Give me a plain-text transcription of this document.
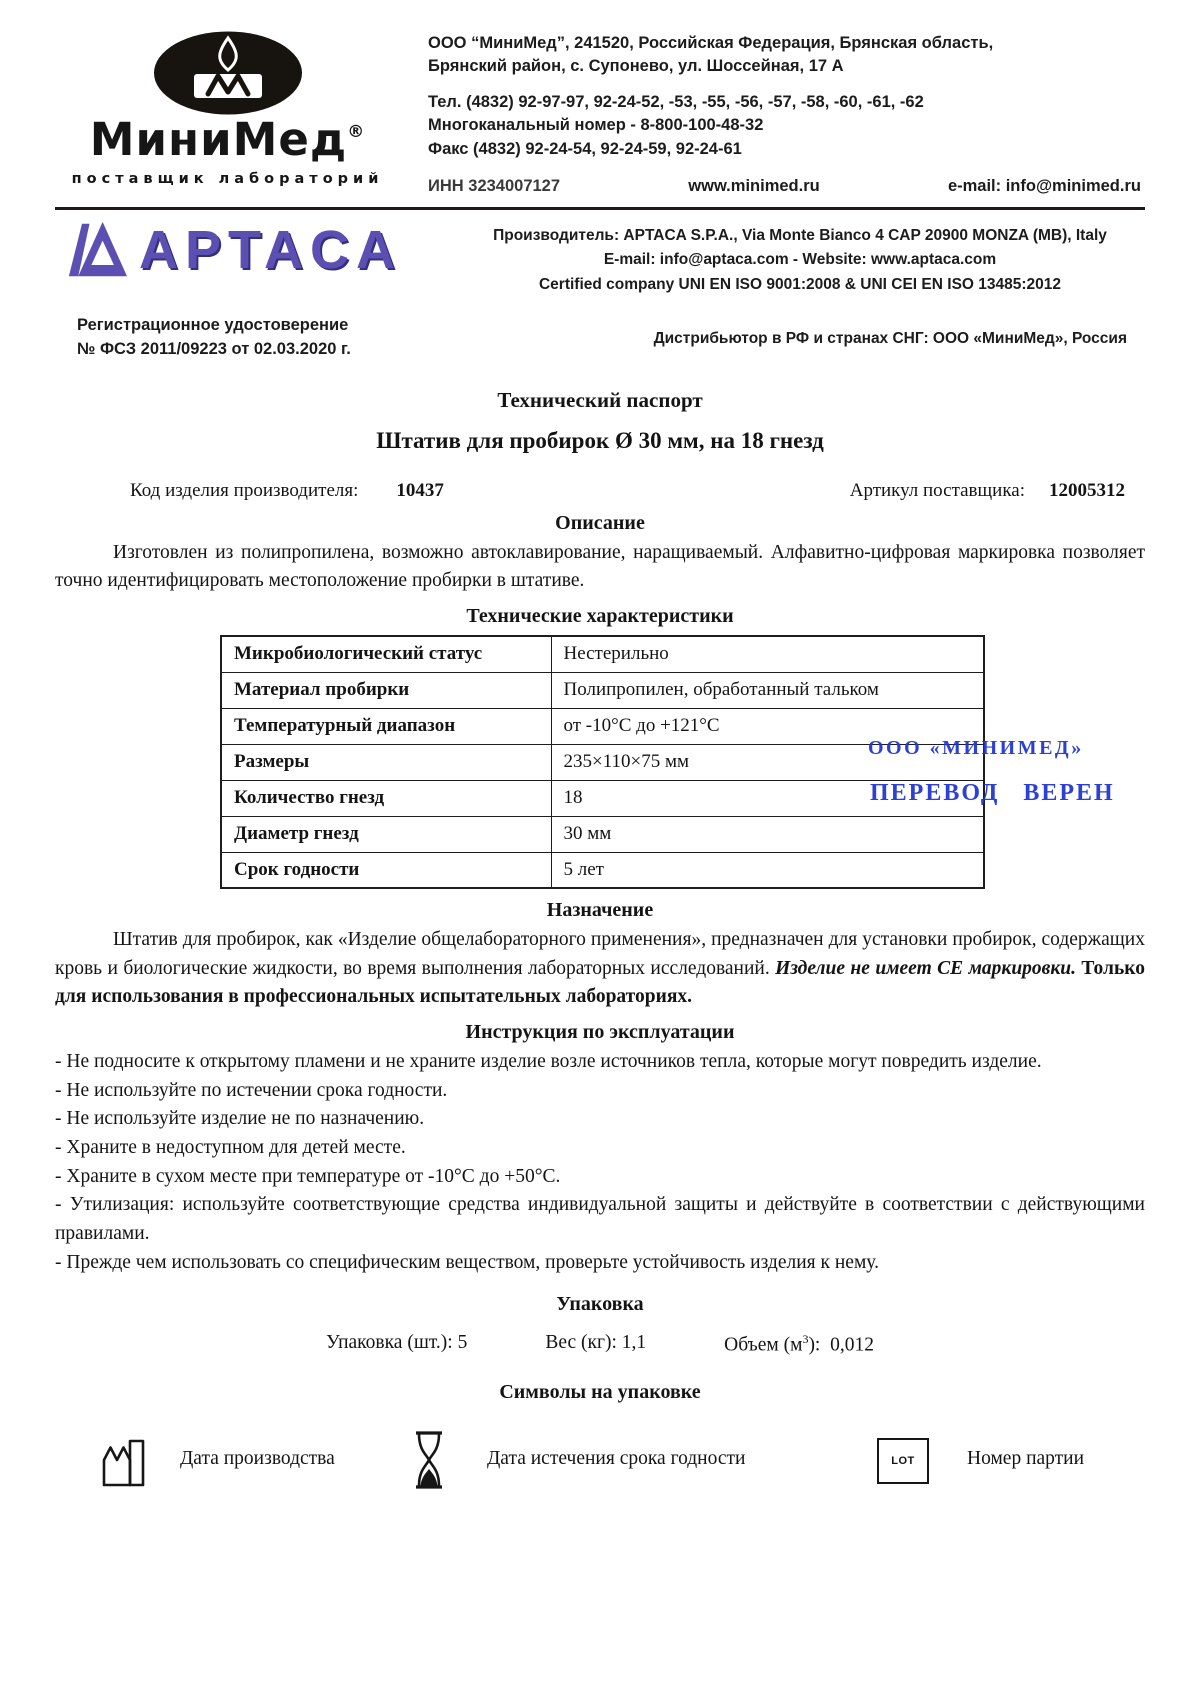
МиниМед®
поставщик лабораторий
ООО “МиниМед”, 241520, Российская Федерация, Брянская область,
Брянский район, с. Супонево, ул. Шоссейная, 17 А
Тел. (4832) 92-97-97, 92-24-52, -53, -55, -56, -57, -58, -60, -61, -62
Многоканальный номер - 8-800-100-48-32
Факс (4832) 92-24-54, 92-24-59, 92-24-61
ИНН 3234007127	www.minimed.ru	e-mail: info@minimed.ru
APTACA	Производитель: APTACA S.P.A., Via Monte Bianco 4 CAP 20900 MONZA (MB), Italy
E-mail: info@aptaca.com - Website: www.aptaca.com
Certified company UNI EN ISO 9001:2008 & UNI CEI EN ISO 13485:2012
Регистрационное удостоверение
№ ФСЗ 2011/09223 от 02.03.2020 г.
Дистрибьютор в РФ и странах СНГ: ООО «МиниМед», Россия
Технический паспорт
Штатив для пробирок Ø 30 мм, на 18 гнезд
Код изделия производителя: 10437	Артикул поставщика: 12005312
Описание

Изготовлен из полипропилена, возможно автоклавирование, наращиваемый. Алфавитно-цифровая маркировка позволяет точно идентифицировать местоположение пробирки в штативе.

Технические характеристики
Микробиологический статус	Нестерильно
Материал пробирки	Полипропилен, обработанный тальком
Температурный диапазон	от -10°С до +121°С
Размеры	235×110×75 мм
Количество гнезд	18
Диаметр гнезд	30 мм
Срок годности	5 лет
ООО «МИНИМЕД»
ПЕРЕВОД ВЕРЕН
Назначение

Штатив для пробирок, как «Изделие общелабораторного применения», предназначен для установки пробирок, содержащих кровь и биологические жидкости, во время выполнения лабораторных исследований. Изделие не имеет СЕ маркировки. Только для использования в профессиональных испытательных лабораториях.

Инструкция по эксплуатации
- Не подносите к открытому пламени и не храните изделие возле источников тепла, которые могут повредить изделие.
- Не используйте по истечении срока годности.
- Не используйте изделие не по назначению.
- Храните в недоступном для детей месте.
- Храните в сухом месте при температуре от -10°С до +50°С.
- Утилизация: используйте соответствующие средства индивидуальной защиты и действуйте в соответствии с действующими правилами.
- Прежде чем использовать со специфическим веществом, проверьте устойчивость изделия к нему.
Упаковка
Упаковка (шт.): 5	Вес (кг): 1,1	Объем $(м^3)$: 0,012
Символы на упаковке
Дата производства	Дата истечения срока годности	LOT	Номер партии
